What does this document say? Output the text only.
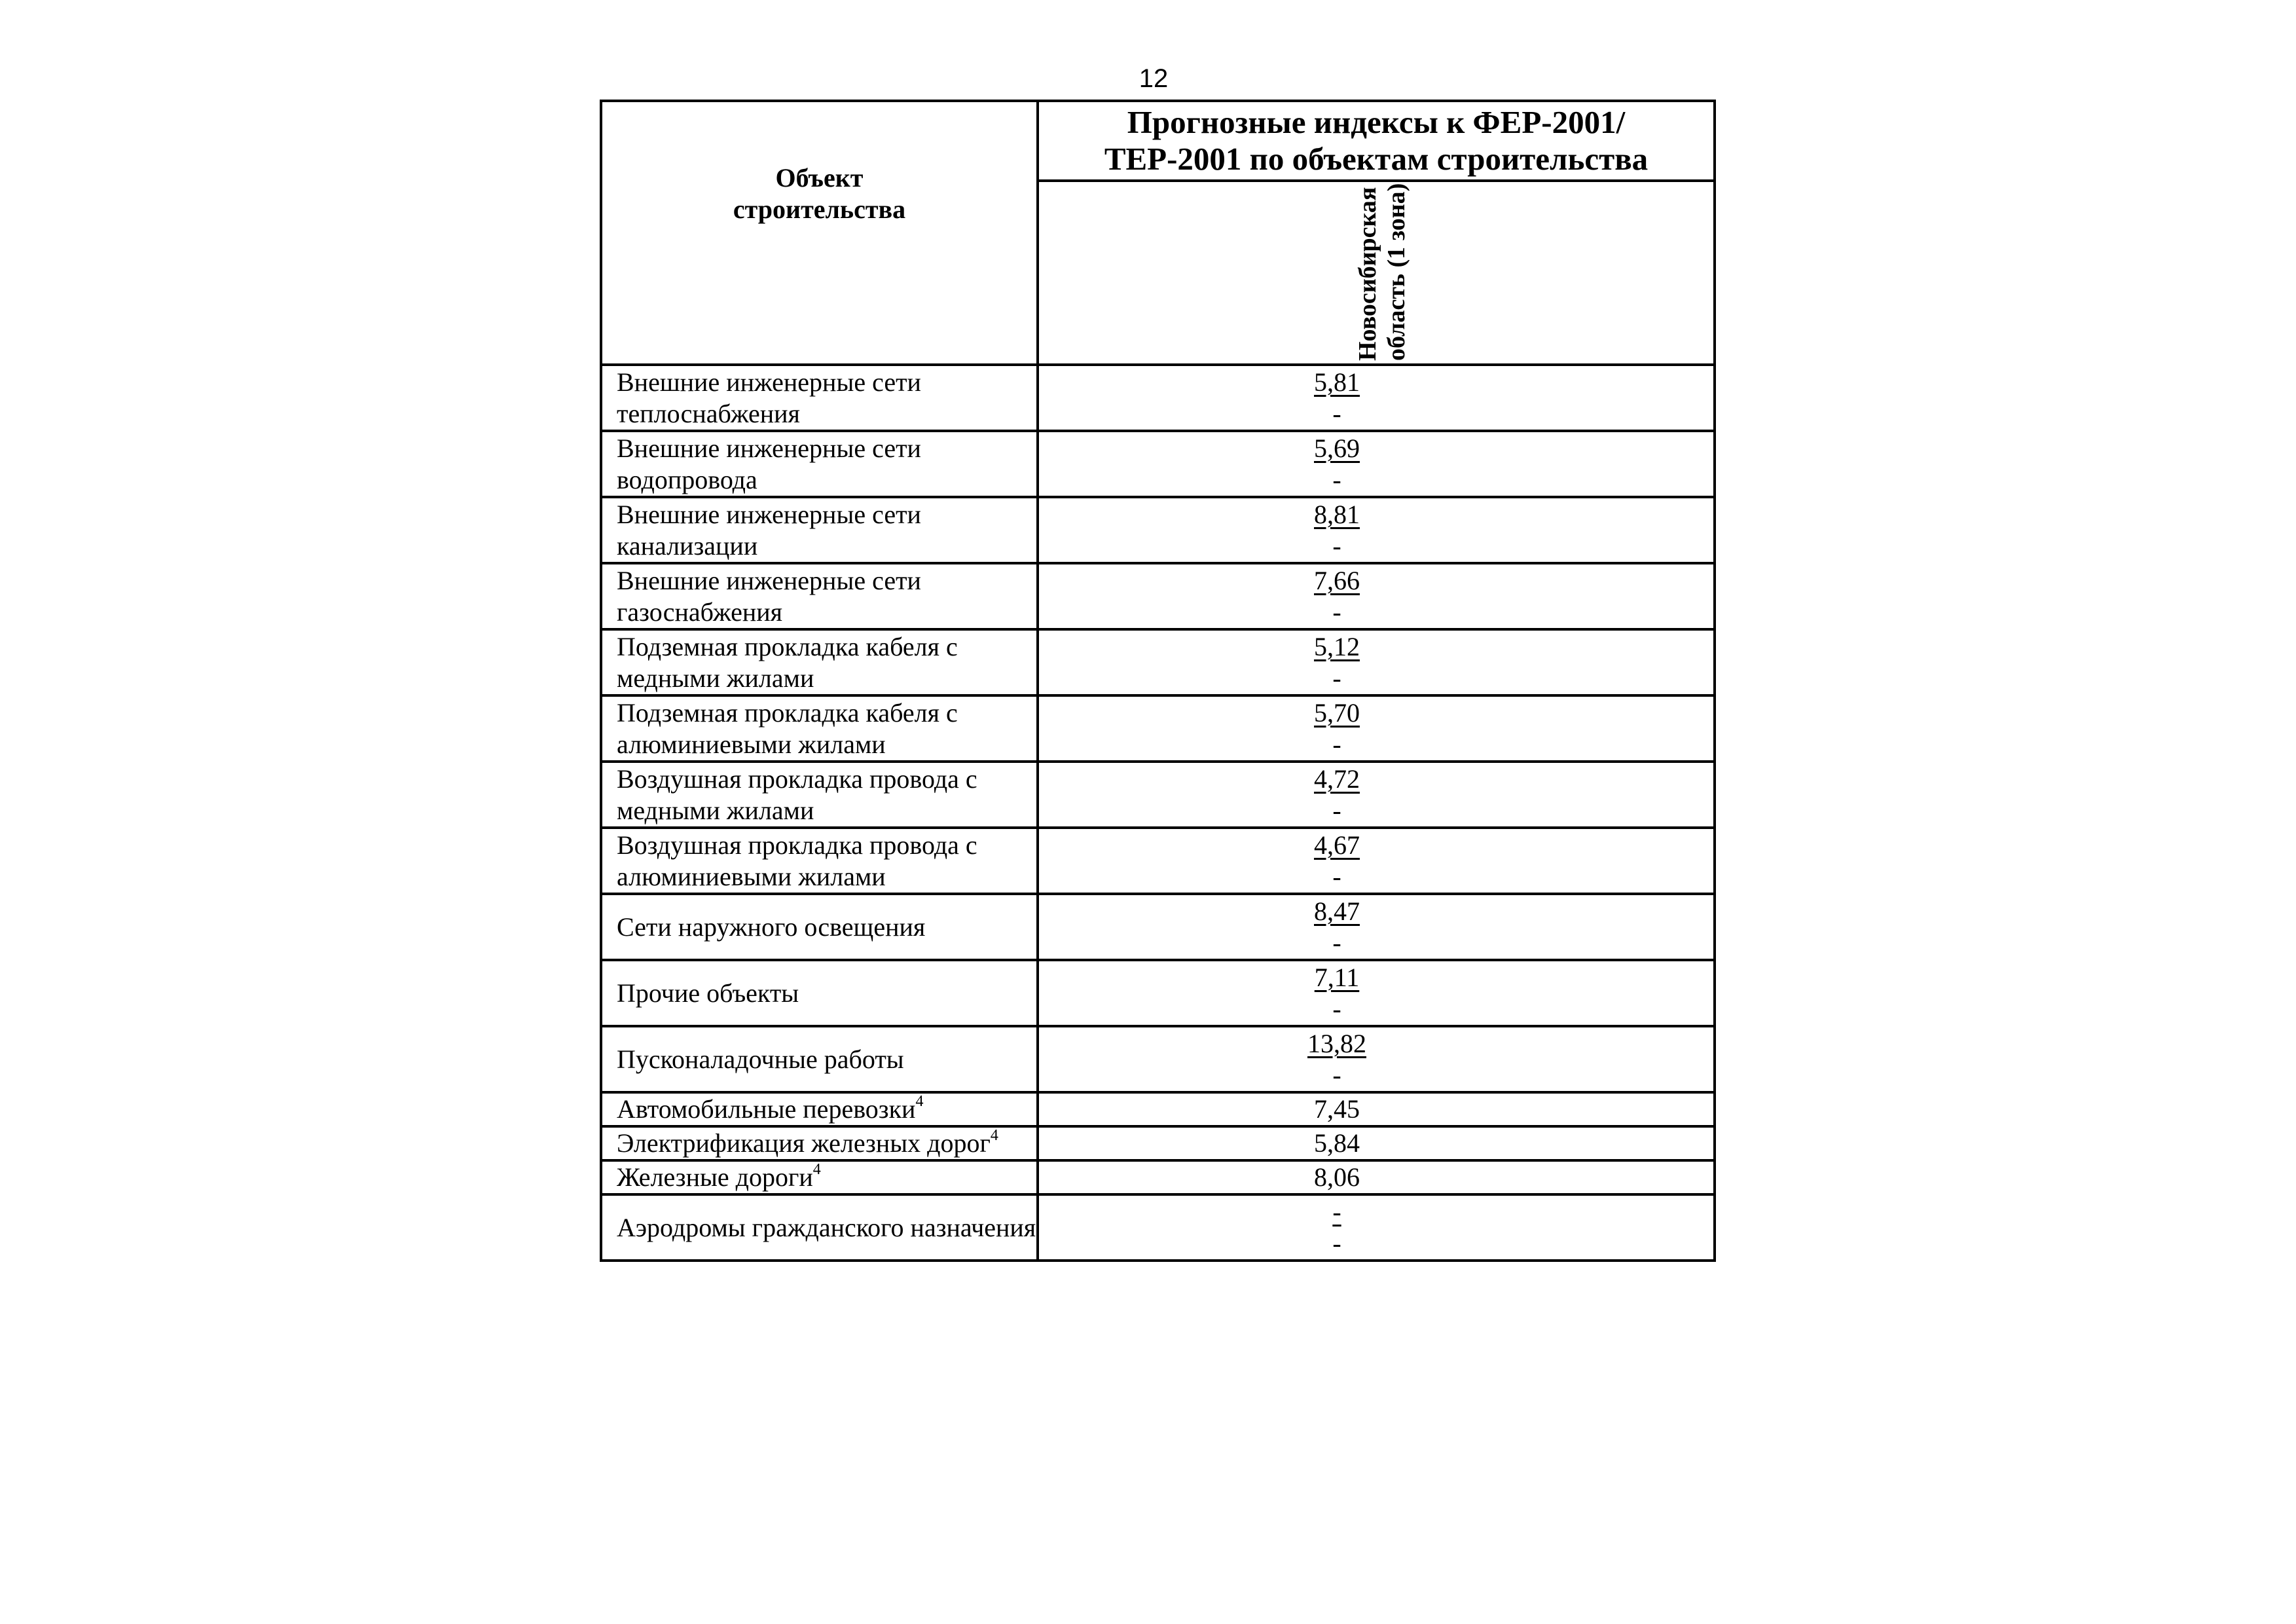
12
Объект строительства	Прогнозные индексы к ФЕР-2001/ТЕР-2001 по объектам строительства

	Новосибирская область (1 зона)

Внешние инженерные сети теплоснабжения	5,81
-

Внешние инженерные сети водопровода	5,69
-

Внешние инженерные сети канализации	8,81
-

Внешние инженерные сети газоснабжения	7,66
-

Подземная прокладка кабеля с медными жилами	5,12
-

Подземная прокладка кабеля с алюминиевыми жилами	5,70
-

Воздушная прокладка провода с медными жилами	4,72
-

Воздушная прокладка провода с алюминиевыми жилами	4,67
-

Сети наружного освещения	8,47
-

Прочие объекты	7,11
-

Пусконаладочные работы	13,82
-

Автомобильные перевозки$^4$	7,45
Электрификация железных дорог$^4$	5,84
Железные дороги$^4$	8,06
Аэродромы гражданского назначения	-
-
